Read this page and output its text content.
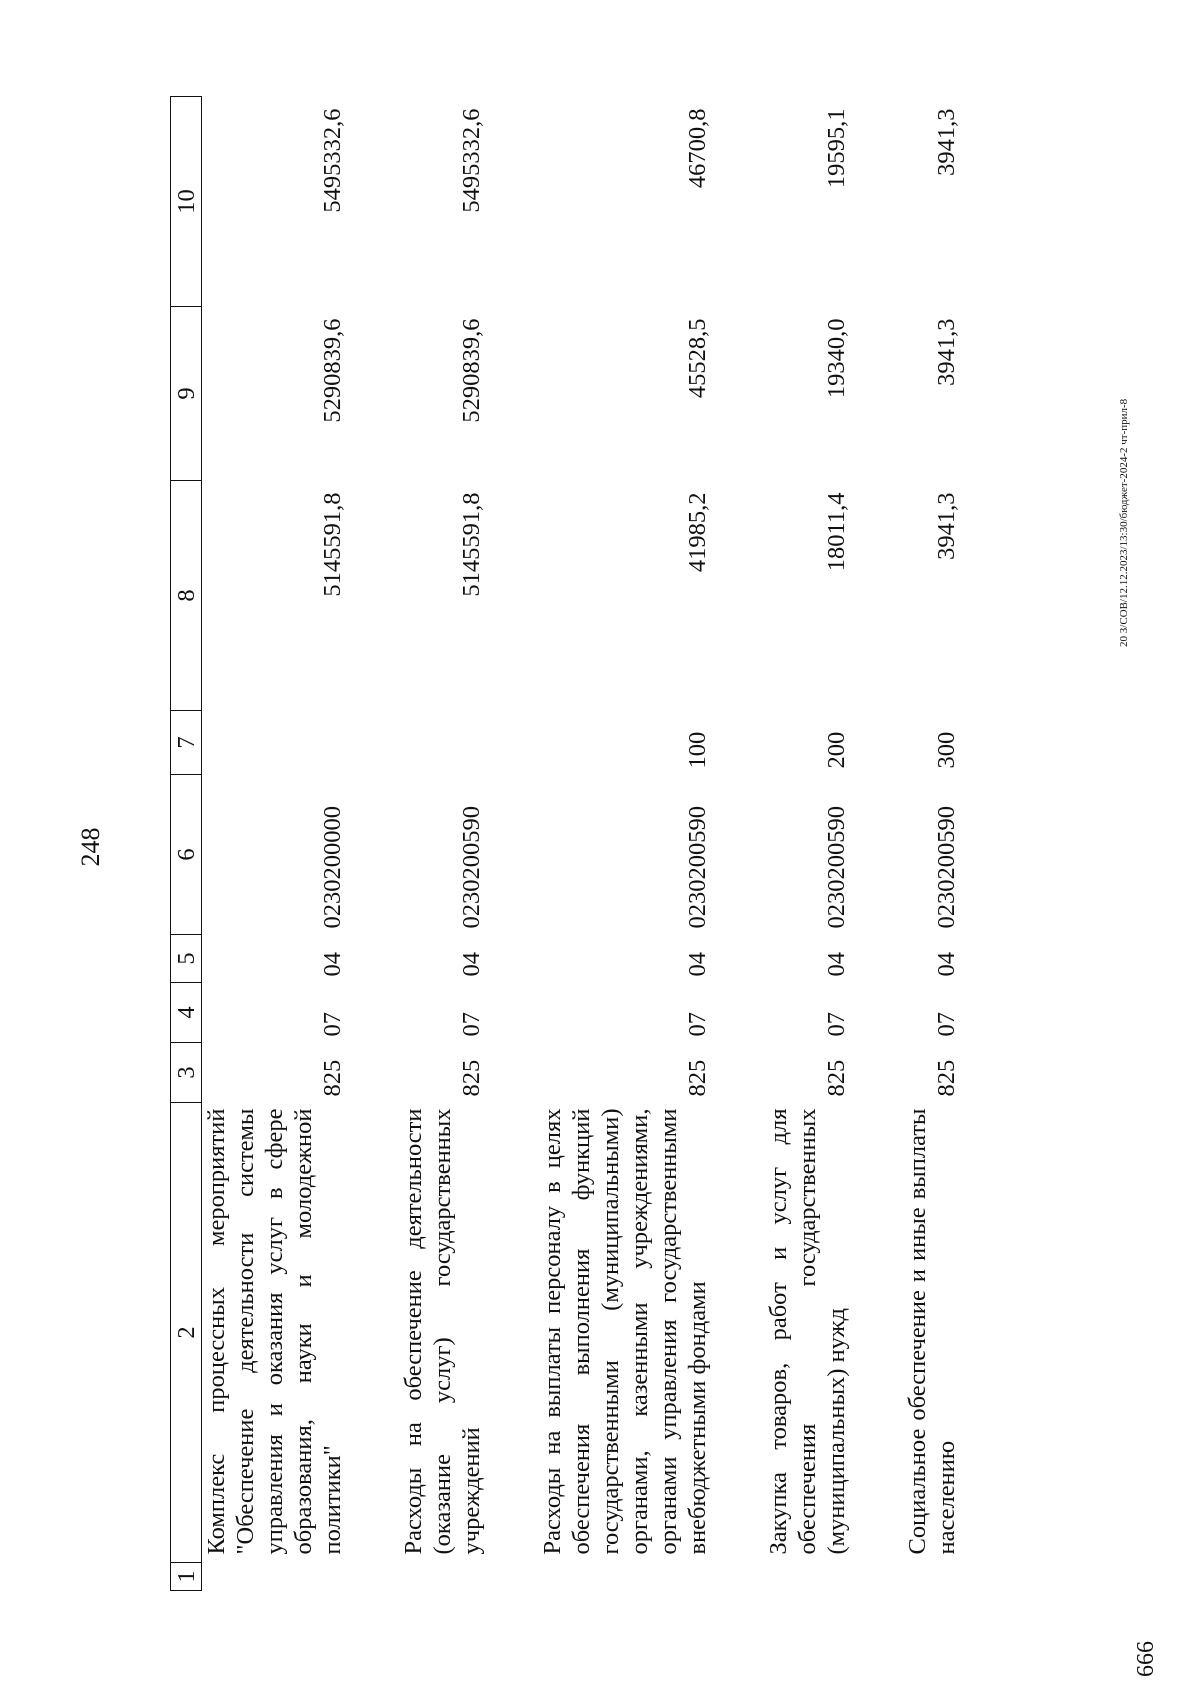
248
1	2	3	4	5	6	7	8	9	10
	Комплекс процессных мероприятий "Обеспечение деятельности системы управления и оказания услуг в сфере образования, науки и молодежной политики"	825	07	04	0230200000		5145591,8	5290839,6	5495332,6

	Расходы на обеспечение деятельности (оказание услуг) государственных учреждений	825	07	04	0230200590		5145591,8	5290839,6	5495332,6

	Расходы на выплаты персоналу в целях обеспечения выполнения функций государственными (муниципальными) органами, казенными учреждениями, органами управления государственными внебюджетными фондами	825	07	04	0230200590	100	41985,2	45528,5	46700,8

	Закупка товаров, работ и услуг для обеспечения государственных (муниципальных) нужд	825	07	04	0230200590	200	18011,4	19340,0	19595,1

	Социальное обеспечение и иные выплаты населению	825	07	04	0230200590	300	3941,3	3941,3	3941,3
20 З/СОВ/12.12.2023/13:30/бюджет-2024-2 чт-прил-8
666
